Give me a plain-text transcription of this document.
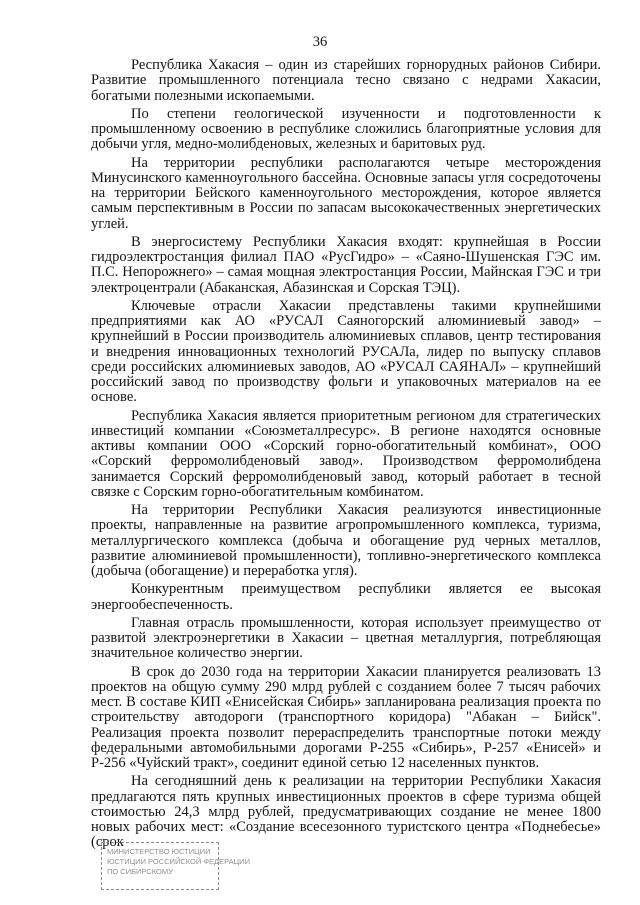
36

Республика Хакасия – один из старейших горнорудных районов Сибири. Развитие промышленного потенциала тесно связано с недрами Хакасии, богатыми полезными ископаемыми.

По степени геологической изученности и подготовленности к промышленному освоению в республике сложились благоприятные условия для добычи угля, медно-молибденовых, железных и баритовых руд.

На территории республики располагаются четыре месторождения Минусинского каменноугольного бассейна. Основные запасы угля сосредоточены на территории Бейского каменноугольного месторождения, которое является самым перспективным в России по запасам высококачественных энергетических углей.

В энергосистему Республики Хакасия входят: крупнейшая в России гидроэлектростанция филиал ПАО «РусГидро» – «Саяно-Шушенская ГЭС им. П.С. Непорожнего» – самая мощная электростанция России, Майнская ГЭС и три электроцентрали (Абаканская, Абазинская и Сорская ТЭЦ).

Ключевые отрасли Хакасии представлены такими крупнейшими предприятиями как АО «РУСАЛ Саяногорский алюминиевый завод» – крупнейший в России производитель алюминиевых сплавов, центр тестирования и внедрения инновационных технологий РУСАЛа, лидер по выпуску сплавов среди российских алюминиевых заводов, АО «РУСАЛ САЯНАЛ» – крупнейший российский завод по производству фольги и упаковочных материалов на ее основе.

Республика Хакасия является приоритетным регионом для стратегических инвестиций компании «Союзметаллресурс». В регионе находятся основные активы компании ООО «Сорский горно-обогатительный комбинат», ООО «Сорский ферромолибденовый завод». Производством ферромолибдена занимается Сорский ферромолибденовый завод, который работает в тесной связке с Сорским горно-обогатительным комбинатом.

На территории Республики Хакасия реализуются инвестиционные проекты, направленные на развитие агропромышленного комплекса, туризма, металлургического комплекса (добыча и обогащение руд черных металлов, развитие алюминиевой промышленности), топливно-энергетического комплекса (добыча (обогащение) и переработка угля).

Конкурентным преимуществом республики является ее высокая энергообеспеченность.

Главная отрасль промышленности, которая использует преимущество от развитой электроэнергетики в Хакасии – цветная металлургия, потребляющая значительное количество энергии.

В срок до 2030 года на территории Хакасии планируется реализовать 13 проектов на общую сумму 290 млрд рублей с созданием более 7 тысяч рабочих мест. В составе КИП «Енисейская Сибирь» запланирована реализация проекта по строительству автодороги (транспортного коридора) "Абакан – Бийск". Реализация проекта позволит перераспределить транспортные потоки между федеральными автомобильными дорогами Р-255 «Сибирь», Р-257 «Енисей» и Р-256 «Чуйский тракт», соединит единой сетью 12 населенных пунктов.

На сегодняшний день к реализации на территории Республики Хакасия предлагаются пять крупных инвестиционных проектов в сфере туризма общей стоимостью 24,3 млрд рублей, предусматривающих создание не менее 1800 новых рабочих мест: «Создание всесезонного туристского центра «Поднебесье» (срок

МИНИСТЕРСТВО ЮСТИЦИИ
ЮСТИЦИИ РОССИЙСКОЙ ФЕДЕРАЦИИ
ПО СИБИРСКОМУ
